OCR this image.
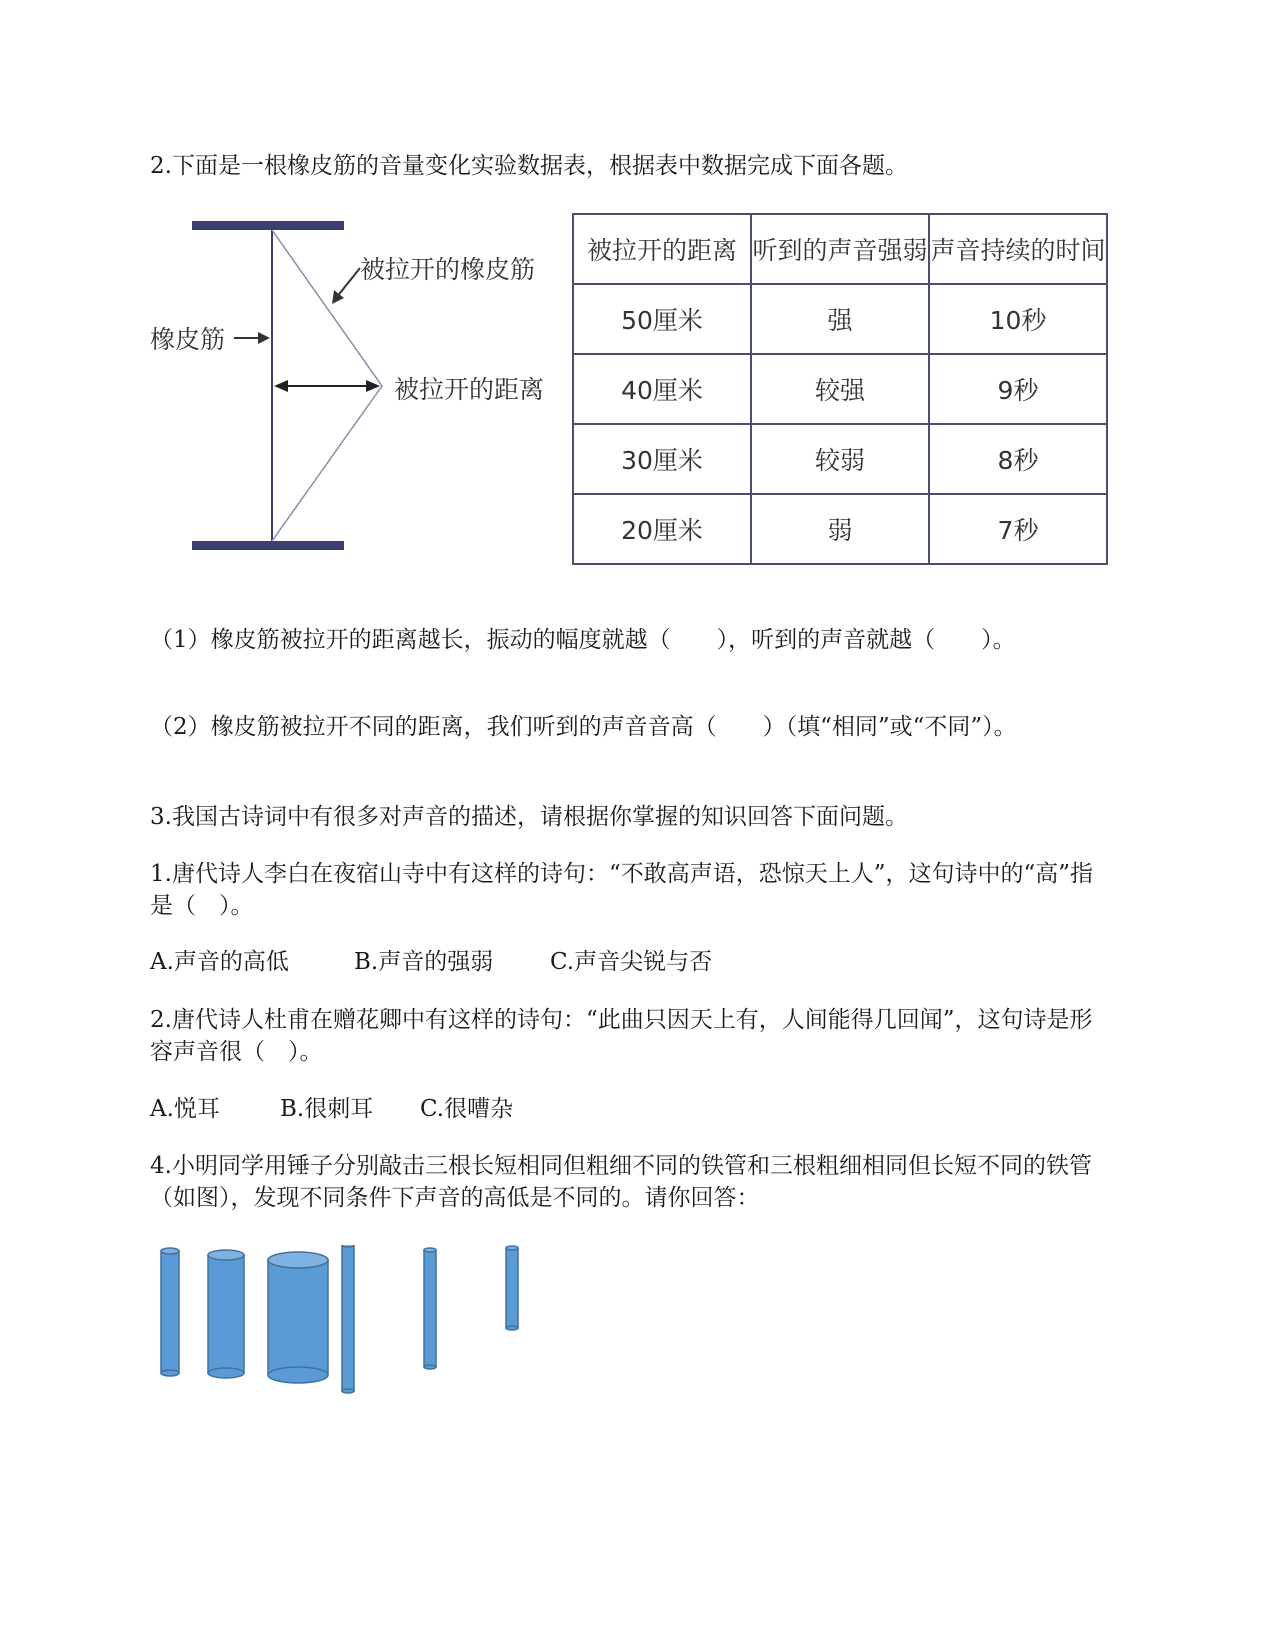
2.下面是一根橡皮筋的音量变化实验数据表，根据表中数据完成下面各题。
橡皮筋
被拉开的橡皮筋
被拉开的距离
被拉开的距离	听到的声音强弱	声音持续的时间
50厘米	强	10秒
40厘米	较强	9秒
30厘米	较弱	8秒
20厘米	弱	7秒
（1）橡皮筋被拉开的距离越长，振动的幅度就越（　　），听到的声音就越（　　）。
（2）橡皮筋被拉开不同的距离，我们听到的声音音高（　　）（填“相同”或“不同”）。
3.我国古诗词中有很多对声音的描述，请根据你掌握的知识回答下面问题。
1.唐代诗人李白在夜宿山寺中有这样的诗句：“不敢高声语，恐惊天上人”，这句诗中的“高”指是（　）。
A.声音的高低	B.声音的强弱 C.声音尖锐与否
2.唐代诗人杜甫在赠花卿中有这样的诗句：“此曲只因天上有，人间能得几回闻”，这句诗是形容声音很（　）。
A.悦耳	B.很刺耳 C.很嘈杂
4.小明同学用锤子分别敲击三根长短相同但粗细不同的铁管和三根粗细相同但长短不同的铁管（如图），发现不同条件下声音的高低是不同的。请你回答：
